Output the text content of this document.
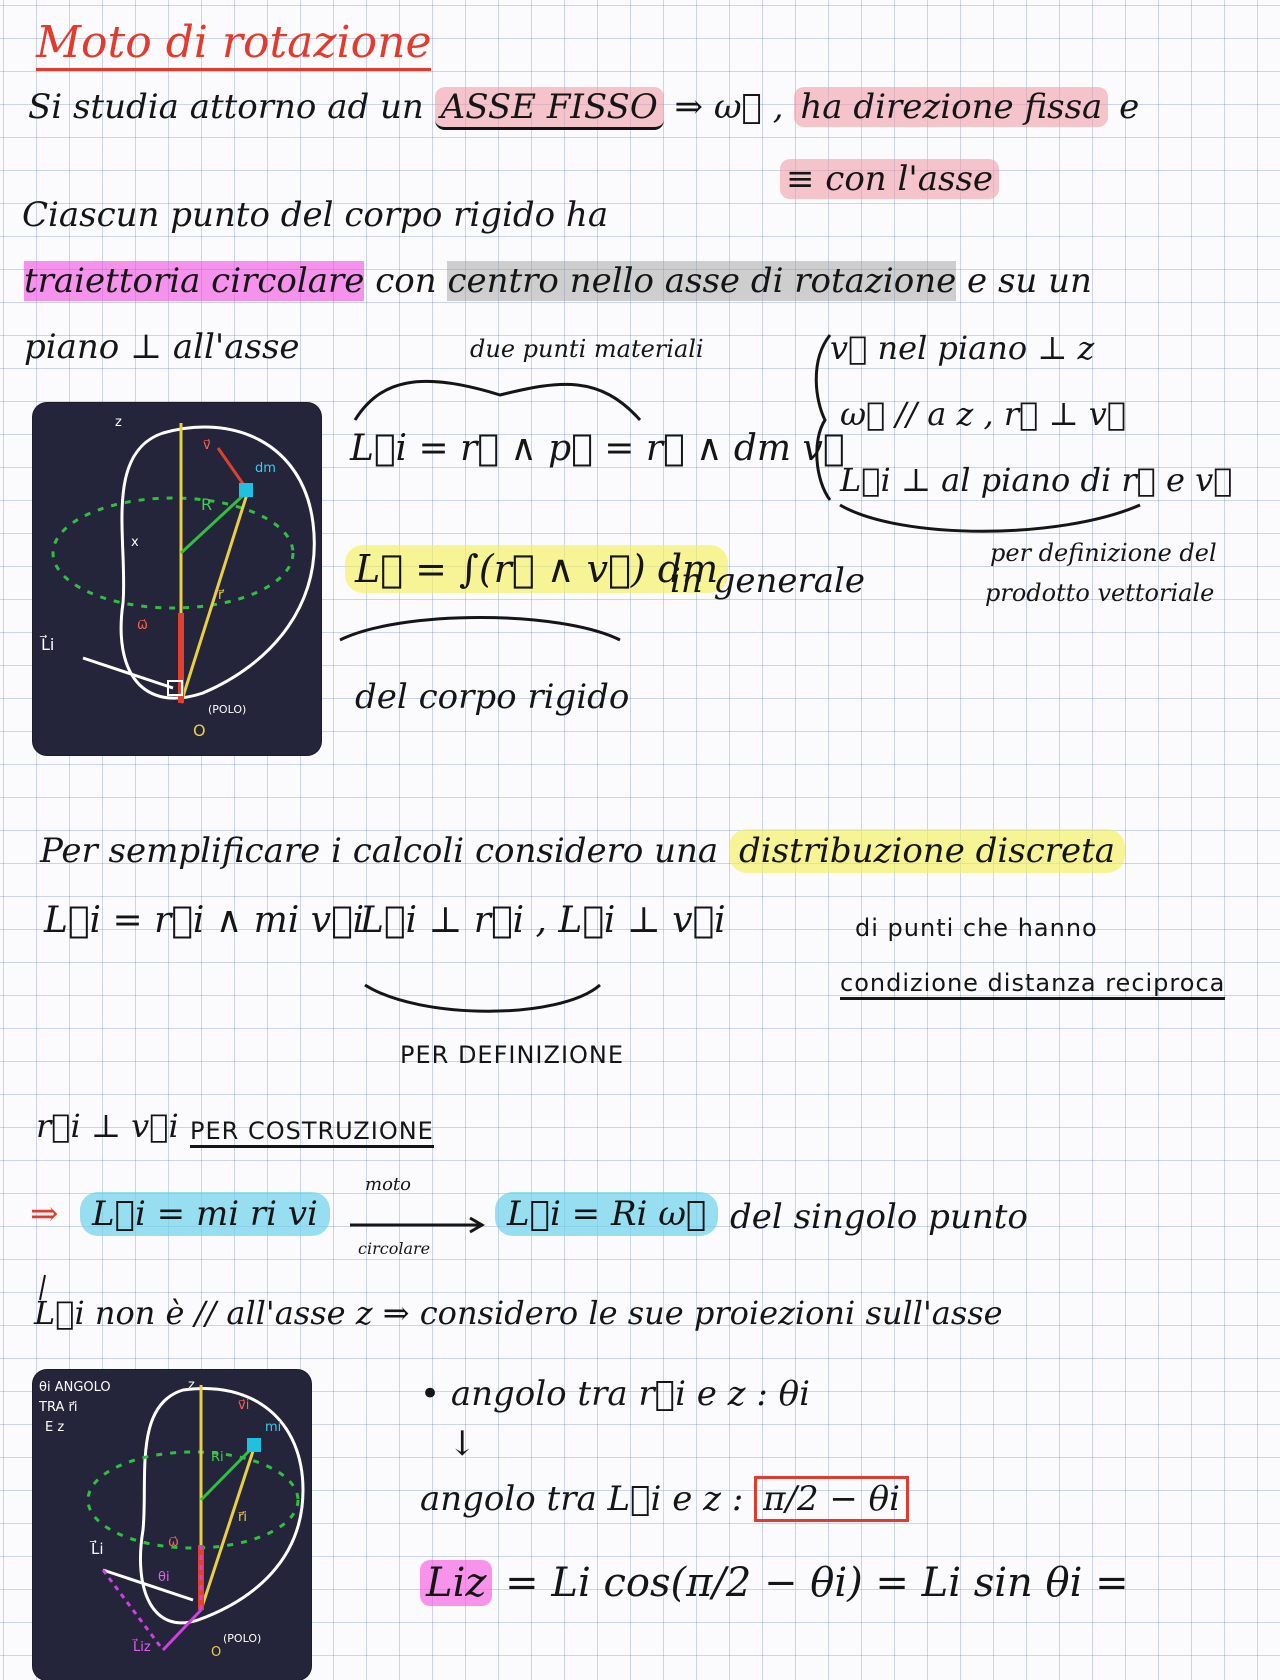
Moto di rotazione
Si studia attorno ad un ASSE FISSO ⇒ ω⃗ , ha direzione fissa e
≡ con l'asse
Ciascun punto del corpo rigido ha
traiettoria circolare con centro nello asse di rotazione e su un
piano ⊥ all'asse	due punti materiali	v⃗ nel piano ⊥ z
ω⃗ // a z , r⃗ ⊥ v⃗
L⃗i ⊥ al piano di r⃗ e v⃗
per definizione del
prodotto vettoriale
L⃗i = r⃗ ∧ p⃗ = r⃗ ∧ dm v⃗
L⃗ = ∫(r⃗ ∧ v⃗) dm
in generale
del corpo rigido
z
v⃗
dm
R
x
r⃗
ω⃗
L⃗i
O
(POLO)
Per semplificare i calcoli considero una distribuzione discreta
L⃗i = r⃗i ∧ mi v⃗i
L⃗i ⊥ r⃗i , L⃗i ⊥ v⃗i	di punti che hanno
condizione distanza reciproca
PER DEFINIZIONE
r⃗i ⊥ v⃗i PER COSTRUZIONE
⇒ L⃗i = mi ri vi
moto
circolare
L⃗i = Ri ω⃗ del singolo punto
L⃗i non è // all'asse z ⇒ considero le sue proiezioni sull'asse
• angolo tra r⃗i e z : θi
↓
angolo tra L⃗i e z : π/2 − θi
Liz = Li cos(π/2 − θi) = Li sin θi =
θi ANGOLO
TRA r⃗i
E z
z
v⃗i
mi
Ri
r⃗i
ω⃗
L⃗i
L⃗iz
θi
O
(POLO)
